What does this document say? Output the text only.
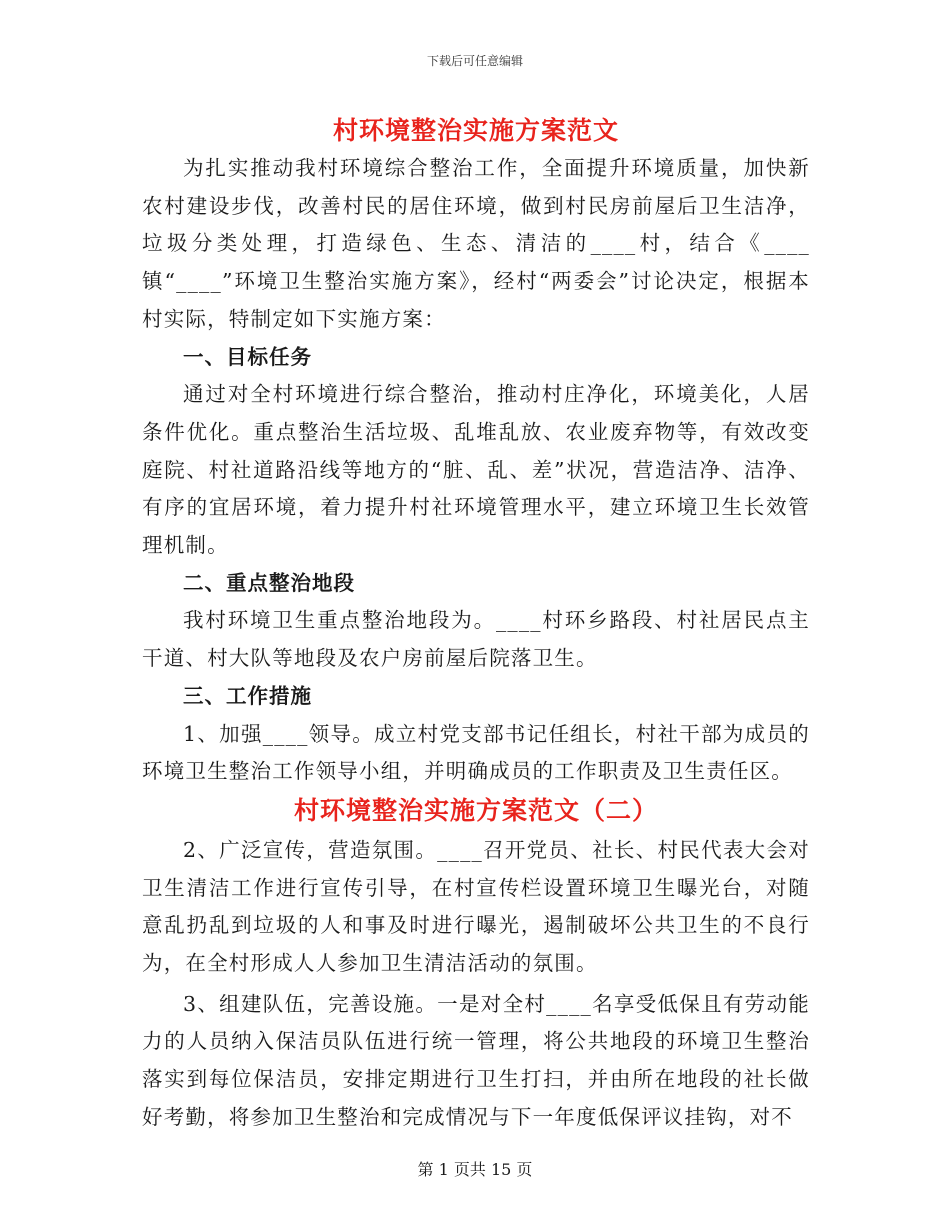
下载后可任意编辑
村环境整治实施方案范文

为扎实推动我村环境综合整治工作，全面提升环境质量，加快新农村建设步伐，改善村民的居住环境，做到村民房前屋后卫生洁净，垃圾分类处理，打造绿色、生态、清洁的____村，结合《____镇“____”环境卫生整治实施方案》，经村“两委会”讨论决定，根据本村实际，特制定如下实施方案：

一、目标任务

通过对全村环境进行综合整治，推动村庄净化，环境美化，人居条件优化。重点整治生活垃圾、乱堆乱放、农业废弃物等，有效改变庭院、村社道路沿线等地方的“脏、乱、差”状况，营造洁净、洁净、有序的宜居环境，着力提升村社环境管理水平，建立环境卫生长效管理机制。

二、重点整治地段

我村环境卫生重点整治地段为。____村环乡路段、村社居民点主干道、村大队等地段及农户房前屋后院落卫生。

三、工作措施

1、加强____领导。成立村党支部书记任组长，村社干部为成员的环境卫生整治工作领导小组，并明确成员的工作职责及卫生责任区。

村环境整治实施方案范文（二）

2、广泛宣传，营造氛围。____召开党员、社长、村民代表大会对卫生清洁工作进行宣传引导，在村宣传栏设置环境卫生曝光台，对随意乱扔乱到垃圾的人和事及时进行曝光，遏制破坏公共卫生的不良行为，在全村形成人人参加卫生清洁活动的氛围。

3、组建队伍，完善设施。一是对全村____名享受低保且有劳动能力的人员纳入保洁员队伍进行统一管理，将公共地段的环境卫生整治落实到每位保洁员，安排定期进行卫生打扫，并由所在地段的社长做好考勤，将参加卫生整治和完成情况与下一年度低保评议挂钩，对不

第 1 页共 15 页
